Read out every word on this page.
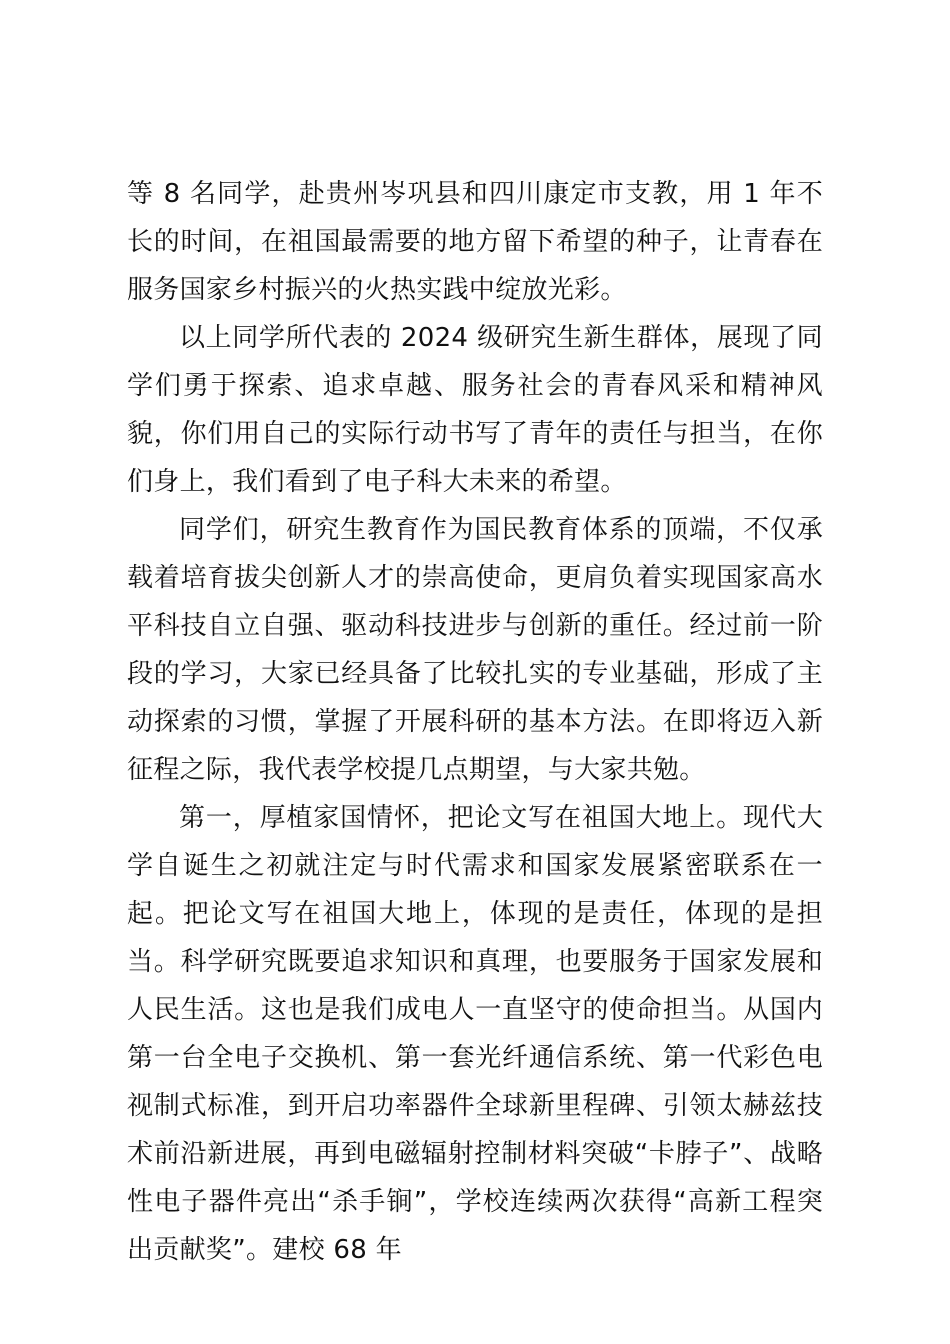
等 8 名同学，赴贵州岑巩县和四川康定市支教，用 1 年不长的时间，在祖国最需要的地方留下希望的种子，让青春在服务国家乡村振兴的火热实践中绽放光彩。

以上同学所代表的 2024 级研究生新生群体，展现了同学们勇于探索、追求卓越、服务社会的青春风采和精神风貌，你们用自己的实际行动书写了青年的责任与担当，在你们身上，我们看到了电子科大未来的希望。

同学们，研究生教育作为国民教育体系的顶端，不仅承载着培育拔尖创新人才的崇高使命，更肩负着实现国家高水平科技自立自强、驱动科技进步与创新的重任。经过前一阶段的学习，大家已经具备了比较扎实的专业基础，形成了主动探索的习惯，掌握了开展科研的基本方法。在即将迈入新征程之际，我代表学校提几点期望，与大家共勉。

第一，厚植家国情怀，把论文写在祖国大地上。现代大学自诞生之初就注定与时代需求和国家发展紧密联系在一起。把论文写在祖国大地上，体现的是责任，体现的是担当。科学研究既要追求知识和真理，也要服务于国家发展和人民生活。这也是我们成电人一直坚守的使命担当。从国内第一台全电子交换机、第一套光纤通信系统、第一代彩色电视制式标准，到开启功率器件全球新里程碑、引领太赫兹技术前沿新进展，再到电磁辐射控制材料突破“卡脖子”、战略性电子器件亮出“杀手锏”，学校连续两次获得“高新工程突出贡献奖”。建校 68 年
